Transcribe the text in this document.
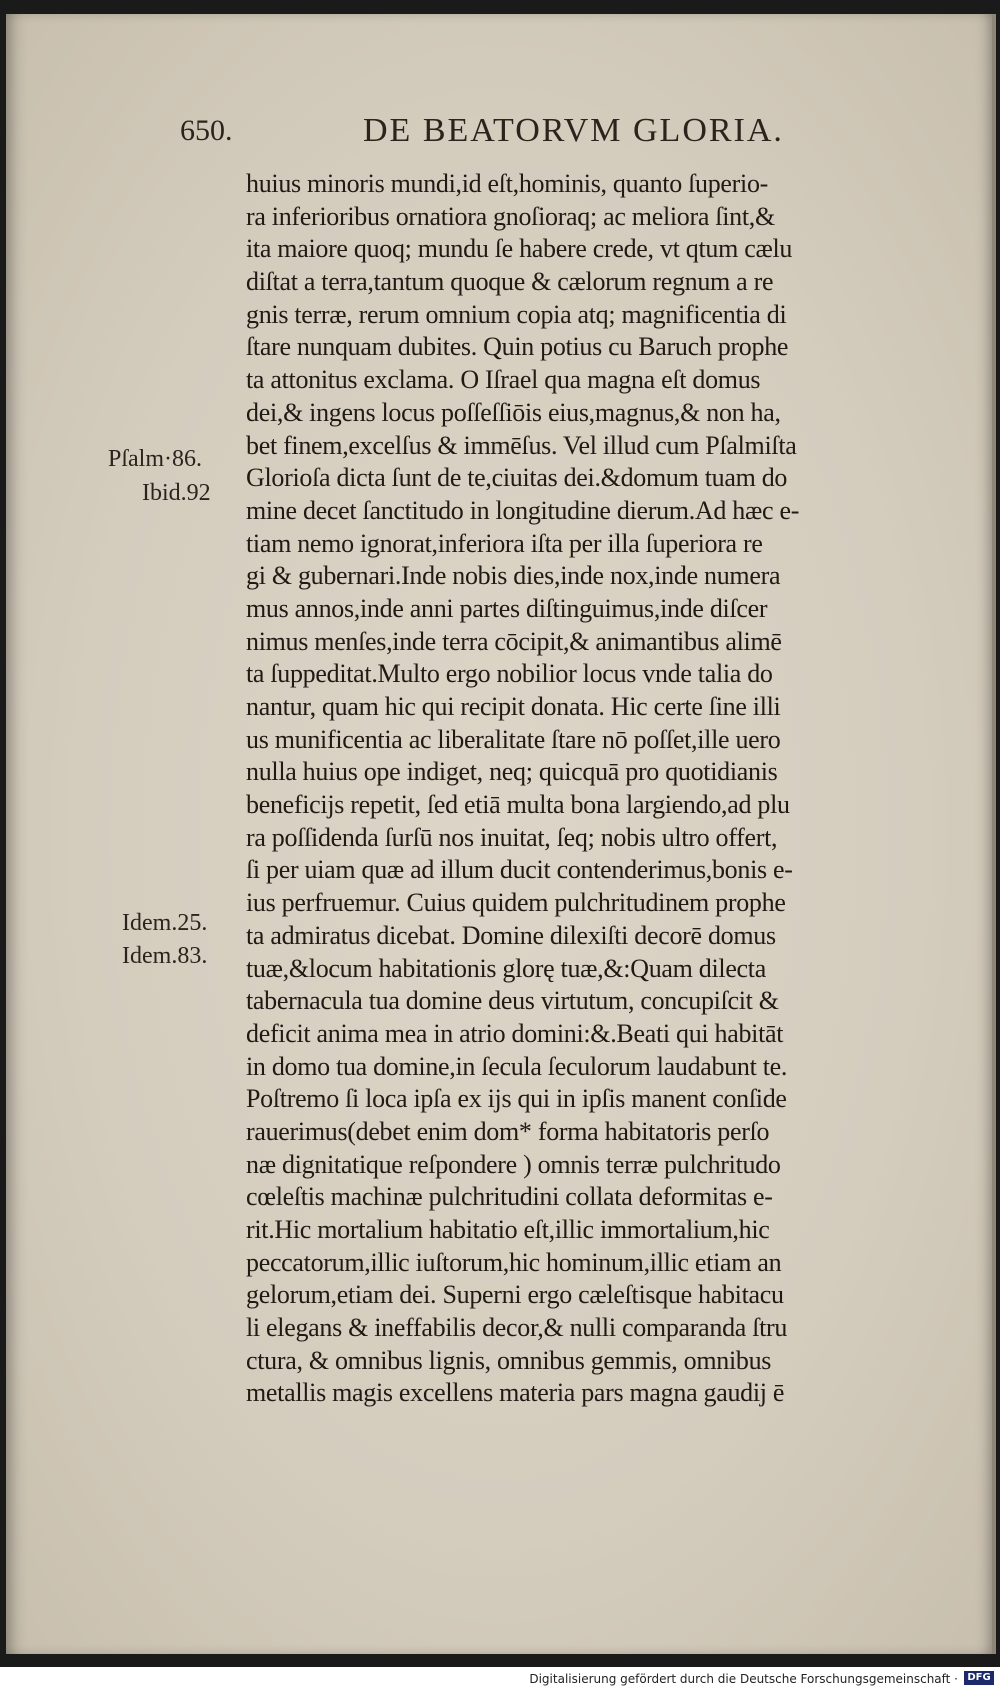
650.	DE BEATORVM GLORIA.
Pſalm·86.
Ibid.92
Idem.25.
Idem.83.
huius minoris mundi,id eſt,hominis, quanto ſuperio-
ra inferioribus ornatiora gnoſioraq; ac meliora ſint,&
ita maiore quoq; mundu ſe habere crede, vt qtum cælu
diſtat a terra,tantum quoque & cælorum regnum a re
gnis terræ, rerum omnium copia atq; magnificentia di
ſtare nunquam dubites. Quin potius cu Baruch prophe
ta attonitus exclama. O Iſrael qua magna eſt domus
dei,& ingens locus poſſeſſiōis eius,magnus,& non ha,
bet finem,excelſus & immēſus. Vel illud cum Pſalmiſta
Glorioſa dicta ſunt de te,ciuitas dei.&domum tuam do
mine decet ſanctitudo in longitudine dierum.Ad hæc e-
tiam nemo ignorat,inferiora iſta per illa ſuperiora re
gi & gubernari.Inde nobis dies,inde nox,inde numera
mus annos,inde anni partes diſtinguimus,inde diſcer
nimus menſes,inde terra cōcipit,& animantibus alimē
ta ſuppeditat.Multo ergo nobilior locus vnde talia do
nantur, quam hic qui recipit donata. Hic certe ſine illi
us munificentia ac liberalitate ſtare nō poſſet,ille uero
nulla huius ope indiget, neq; quicquā pro quotidianis
beneficijs repetit, ſed etiā multa bona largiendo,ad plu
ra poſſidenda ſurſū nos inuitat, ſeq; nobis ultro offert,
ſi per uiam quæ ad illum ducit contenderimus,bonis e-
ius perfruemur. Cuius quidem pulchritudinem prophe
ta admiratus dicebat. Domine dilexiſti decorē domus
tuæ,&locum habitationis glorę tuæ,&:Quam dilecta
tabernacula tua domine deus virtutum, concupiſcit &
deficit anima mea in atrio domini:&.Beati qui habitāt
in domo tua domine,in ſecula ſeculorum laudabunt te.
Poſtremo ſi loca ipſa ex ijs qui in ipſis manent conſide
rauerimus(debet enim dom* forma habitatoris perſo
næ dignitatique reſpondere ) omnis terræ pulchritudo
cœleſtis machinæ pulchritudini collata deformitas e-
rit.Hic mortalium habitatio eſt,illic immortalium,hic
peccatorum,illic iuſtorum,hic hominum,illic etiam an
gelorum,etiam dei. Superni ergo cæleſtisque habitacu
li elegans & ineffabilis decor,& nulli comparanda ſtru
ctura, & omnibus lignis, omnibus gemmis, omnibus
metallis magis excellens materia pars magna gaudij ē
Digitalisierung gefördert durch die Deutsche Forschungsgemeinschaft · DFG
